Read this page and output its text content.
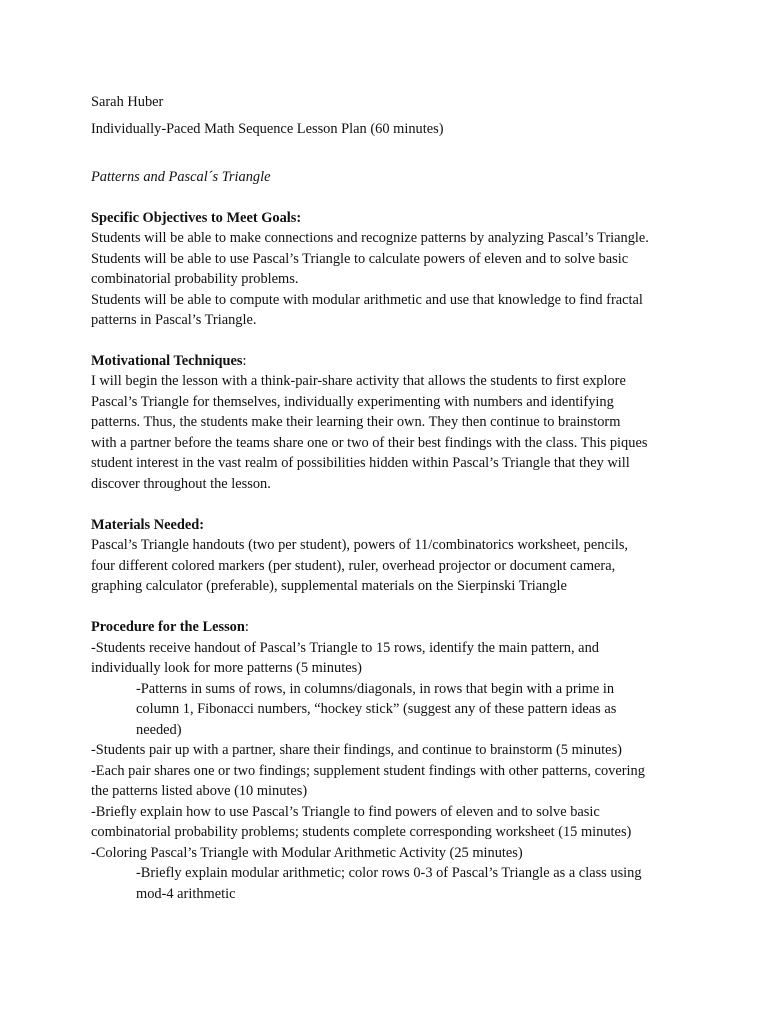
Sarah Huber
Individually-Paced Math Sequence Lesson Plan (60 minutes)
Patterns and Pascal´s Triangle
Specific Objectives to Meet Goals:
Students will be able to make connections and recognize patterns by analyzing Pascal’s Triangle.
Students will be able to use Pascal’s Triangle to calculate powers of eleven and to solve basic
combinatorial probability problems.
Students will be able to compute with modular arithmetic and use that knowledge to find fractal
patterns in Pascal’s Triangle.
Motivational Techniques:
I will begin the lesson with a think-pair-share activity that allows the students to first explore
Pascal’s Triangle for themselves, individually experimenting with numbers and identifying
patterns. Thus, the students make their learning their own. They then continue to brainstorm
with a partner before the teams share one or two of their best findings with the class. This piques
student interest in the vast realm of possibilities hidden within Pascal’s Triangle that they will
discover throughout the lesson.
Materials Needed:
Pascal’s Triangle handouts (two per student), powers of 11/combinatorics worksheet, pencils,
four different colored markers (per student), ruler, overhead projector or document camera,
graphing calculator (preferable), supplemental materials on the Sierpinski Triangle
Procedure for the Lesson:
-Students receive handout of Pascal’s Triangle to 15 rows, identify the main pattern, and
individually look for more patterns (5 minutes)
-Patterns in sums of rows, in columns/diagonals, in rows that begin with a prime in
column 1, Fibonacci numbers, “hockey stick” (suggest any of these pattern ideas as
needed)
-Students pair up with a partner, share their findings, and continue to brainstorm (5 minutes)
-Each pair shares one or two findings; supplement student findings with other patterns, covering
the patterns listed above (10 minutes)
-Briefly explain how to use Pascal’s Triangle to find powers of eleven and to solve basic
combinatorial probability problems; students complete corresponding worksheet (15 minutes)
-Coloring Pascal’s Triangle with Modular Arithmetic Activity (25 minutes)
-Briefly explain modular arithmetic; color rows 0-3 of Pascal’s Triangle as a class using
mod-4 arithmetic
